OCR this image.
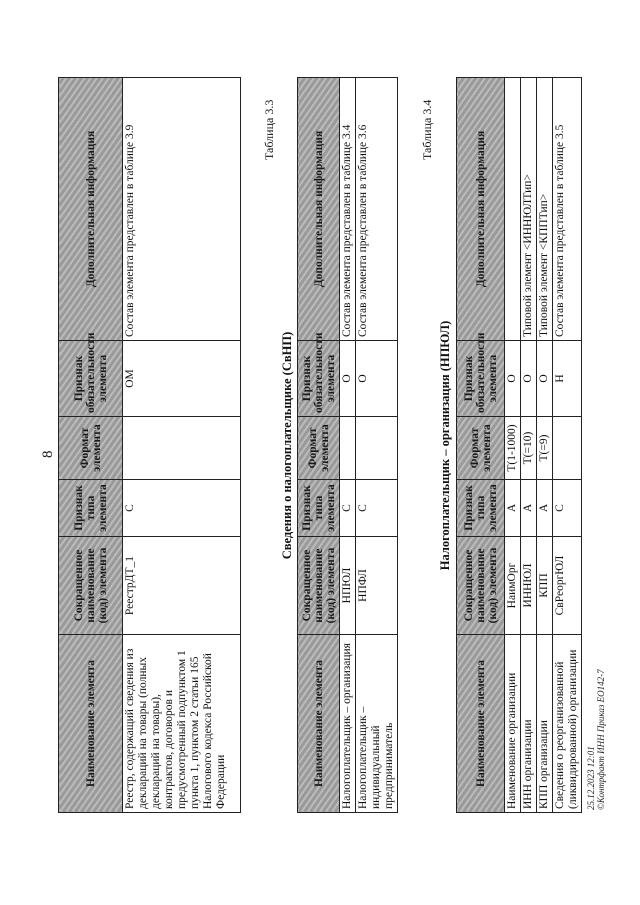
8
Наименование элемента	Сокращенное наименование (код) элемента	Признак типа элемента	Формат элемента	Признак обязательности элемента	Дополнительная информация
Реестр, содержащий сведения из деклараций на товары (полных деклараций на товары), контрактов, договоров и предусмотренный подпунктом 1 пункта 1, пунктом 2 статьи 165 Налогового кодекса Российской Федерации	РеестрДТ_1	С		ОМ	Состав элемента представлен в таблице 3.9	Таблица 3.3
Сведения о налогоплательщике (СвНП)
Наименование элемента	Сокращенное наименование (код) элемента	Признак типа элемента	Формат элемента	Признак обязательности элемента	Дополнительная информация
Налогоплательщик – организация	НПЮЛ	С		О	Состав элемента представлен в таблице 3.4
Налогоплательщик – индивидуальный предприниматель	НПФЛ	С		О	Состав элемента представлен в таблице 3.6	Таблица 3.4
Налогоплательщик – организация (НПЮЛ)
Наименование элемента	Сокращенное наименование (код) элемента	Признак типа элемента	Формат элемента	Признак обязательности элемента	Дополнительная информация
Наименование организации	НаимОрг	А	T(1-1000)	О	
ИНН организации	ИННЮЛ	А	T(=10)	О	Типовой элемент <ИННЮЛТип>
КПП организации	КПП	А	T(=9)	О	Типовой элемент <КППТип>
Сведения о реорганизованной (ликвидированной) организации	СвРеоргЮЛ	С		Н	Состав элемента представлен в таблице 3.5
25.12.2023 12:01 ©Контрфакт ИНН Приказ ЕО142-7
